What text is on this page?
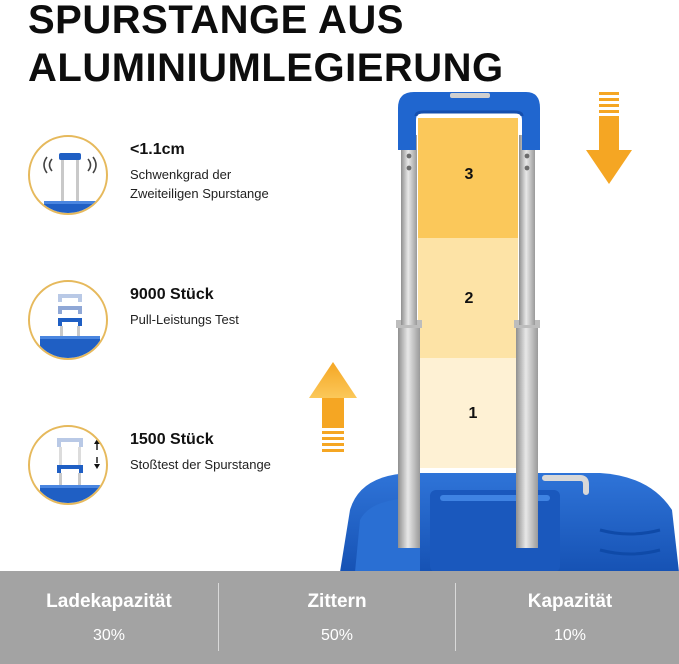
SPURSTANGE AUS
ALUMINIUMLEGIERUNG
<1.1cm
Schwenkgrad der
Zweiteiligen Spurstange
9000 Stück
Pull-Leistungs Test
1500 Stück
Stoßtest der Spurstange
3
2
1
Ladekapazität
30%
Zittern
50%
Kapazität
10%
